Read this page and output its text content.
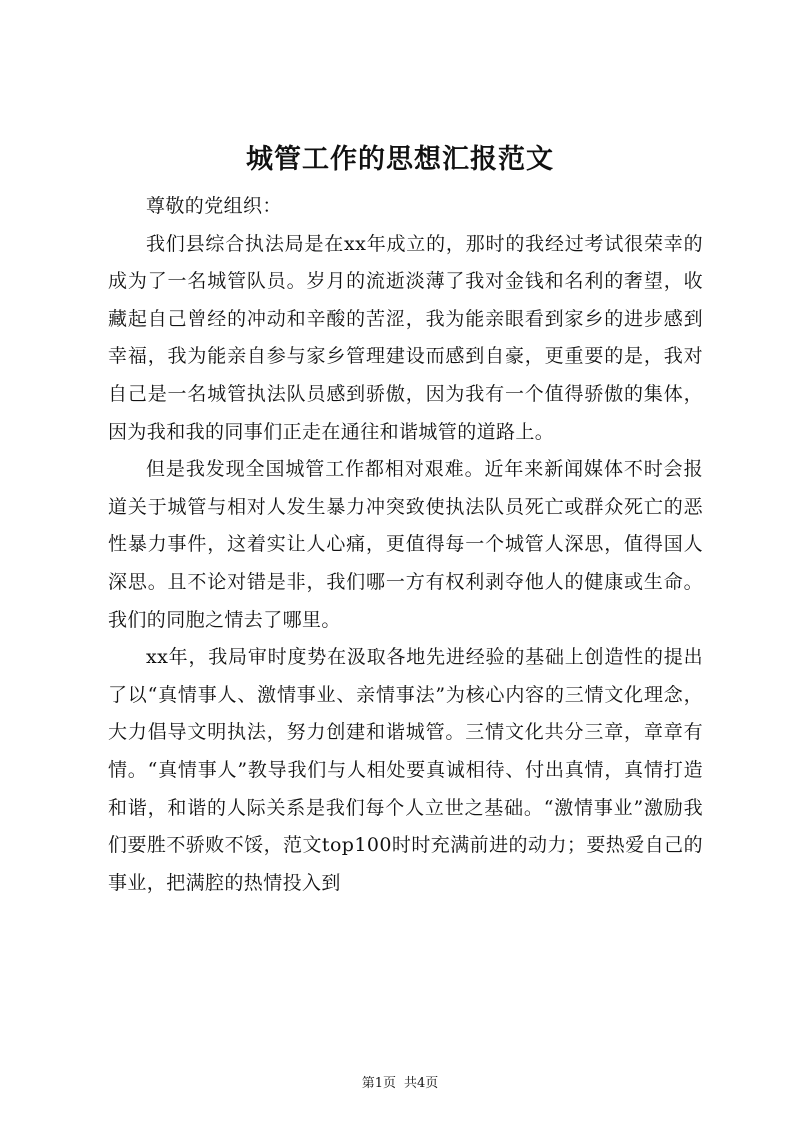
城管工作的思想汇报范文

尊敬的党组织：

我们县综合执法局是在xx年成立的，那时的我经过考试很荣幸的成为了一名城管队员。岁月的流逝淡薄了我对金钱和名利的奢望，收藏起自己曾经的冲动和辛酸的苦涩，我为能亲眼看到家乡的进步感到幸福，我为能亲自参与家乡管理建设而感到自豪，更重要的是，我对自己是一名城管执法队员感到骄傲，因为我有一个值得骄傲的集体，因为我和我的同事们正走在通往和谐城管的道路上。

但是我发现全国城管工作都相对艰难。近年来新闻媒体不时会报道关于城管与相对人发生暴力冲突致使执法队员死亡或群众死亡的恶性暴力事件，这着实让人心痛，更值得每一个城管人深思，值得国人深思。且不论对错是非，我们哪一方有权利剥夺他人的健康或生命。我们的同胞之情去了哪里。

xx年，我局审时度势在汲取各地先进经验的基础上创造性的提出了以“真情事人、激情事业、亲情事法”为核心内容的三情文化理念，大力倡导文明执法，努力创建和谐城管。三情文化共分三章，章章有情。“真情事人”教导我们与人相处要真诚相待、付出真情，真情打造和谐，和谐的人际关系是我们每个人立世之基础。“激情事业”激励我们要胜不骄败不馁，范文top100时时充满前进的动力；要热爱自己的事业，把满腔的热情投入到

第1页 共4页
